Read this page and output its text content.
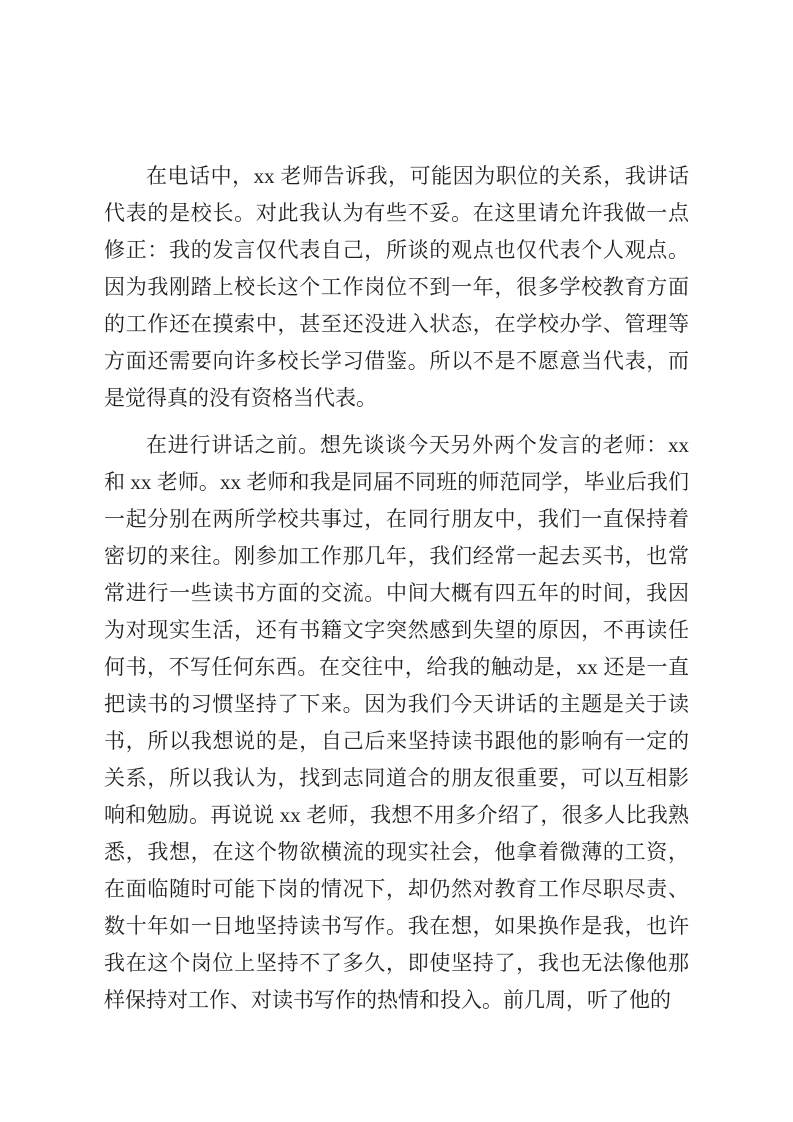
在电话中，xx 老师告诉我，可能因为职位的关系，我讲话代表的是校长。对此我认为有些不妥。在这里请允许我做一点修正：我的发言仅代表自己，所谈的观点也仅代表个人观点。因为我刚踏上校长这个工作岗位不到一年，很多学校教育方面的工作还在摸索中，甚至还没进入状态，在学校办学、管理等方面还需要向许多校长学习借鉴。所以不是不愿意当代表，而是觉得真的没有资格当代表。

在进行讲话之前。想先谈谈今天另外两个发言的老师：xx 和 xx 老师。xx 老师和我是同届不同班的师范同学，毕业后我们一起分别在两所学校共事过，在同行朋友中，我们一直保持着密切的来往。刚参加工作那几年，我们经常一起去买书，也常常进行一些读书方面的交流。中间大概有四五年的时间，我因为对现实生活，还有书籍文字突然感到失望的原因，不再读任何书，不写任何东西。在交往中，给我的触动是，xx 还是一直把读书的习惯坚持了下来。因为我们今天讲话的主题是关于读书，所以我想说的是，自己后来坚持读书跟他的影响有一定的关系，所以我认为，找到志同道合的朋友很重要，可以互相影响和勉励。再说说 xx 老师，我想不用多介绍了，很多人比我熟悉，我想，在这个物欲横流的现实社会，他拿着微薄的工资，在面临随时可能下岗的情况下，却仍然对教育工作尽职尽责、数十年如一日地坚持读书写作。我在想，如果换作是我，也许我在这个岗位上坚持不了多久，即使坚持了，我也无法像他那样保持对工作、对读书写作的热情和投入。前几周，听了他的
